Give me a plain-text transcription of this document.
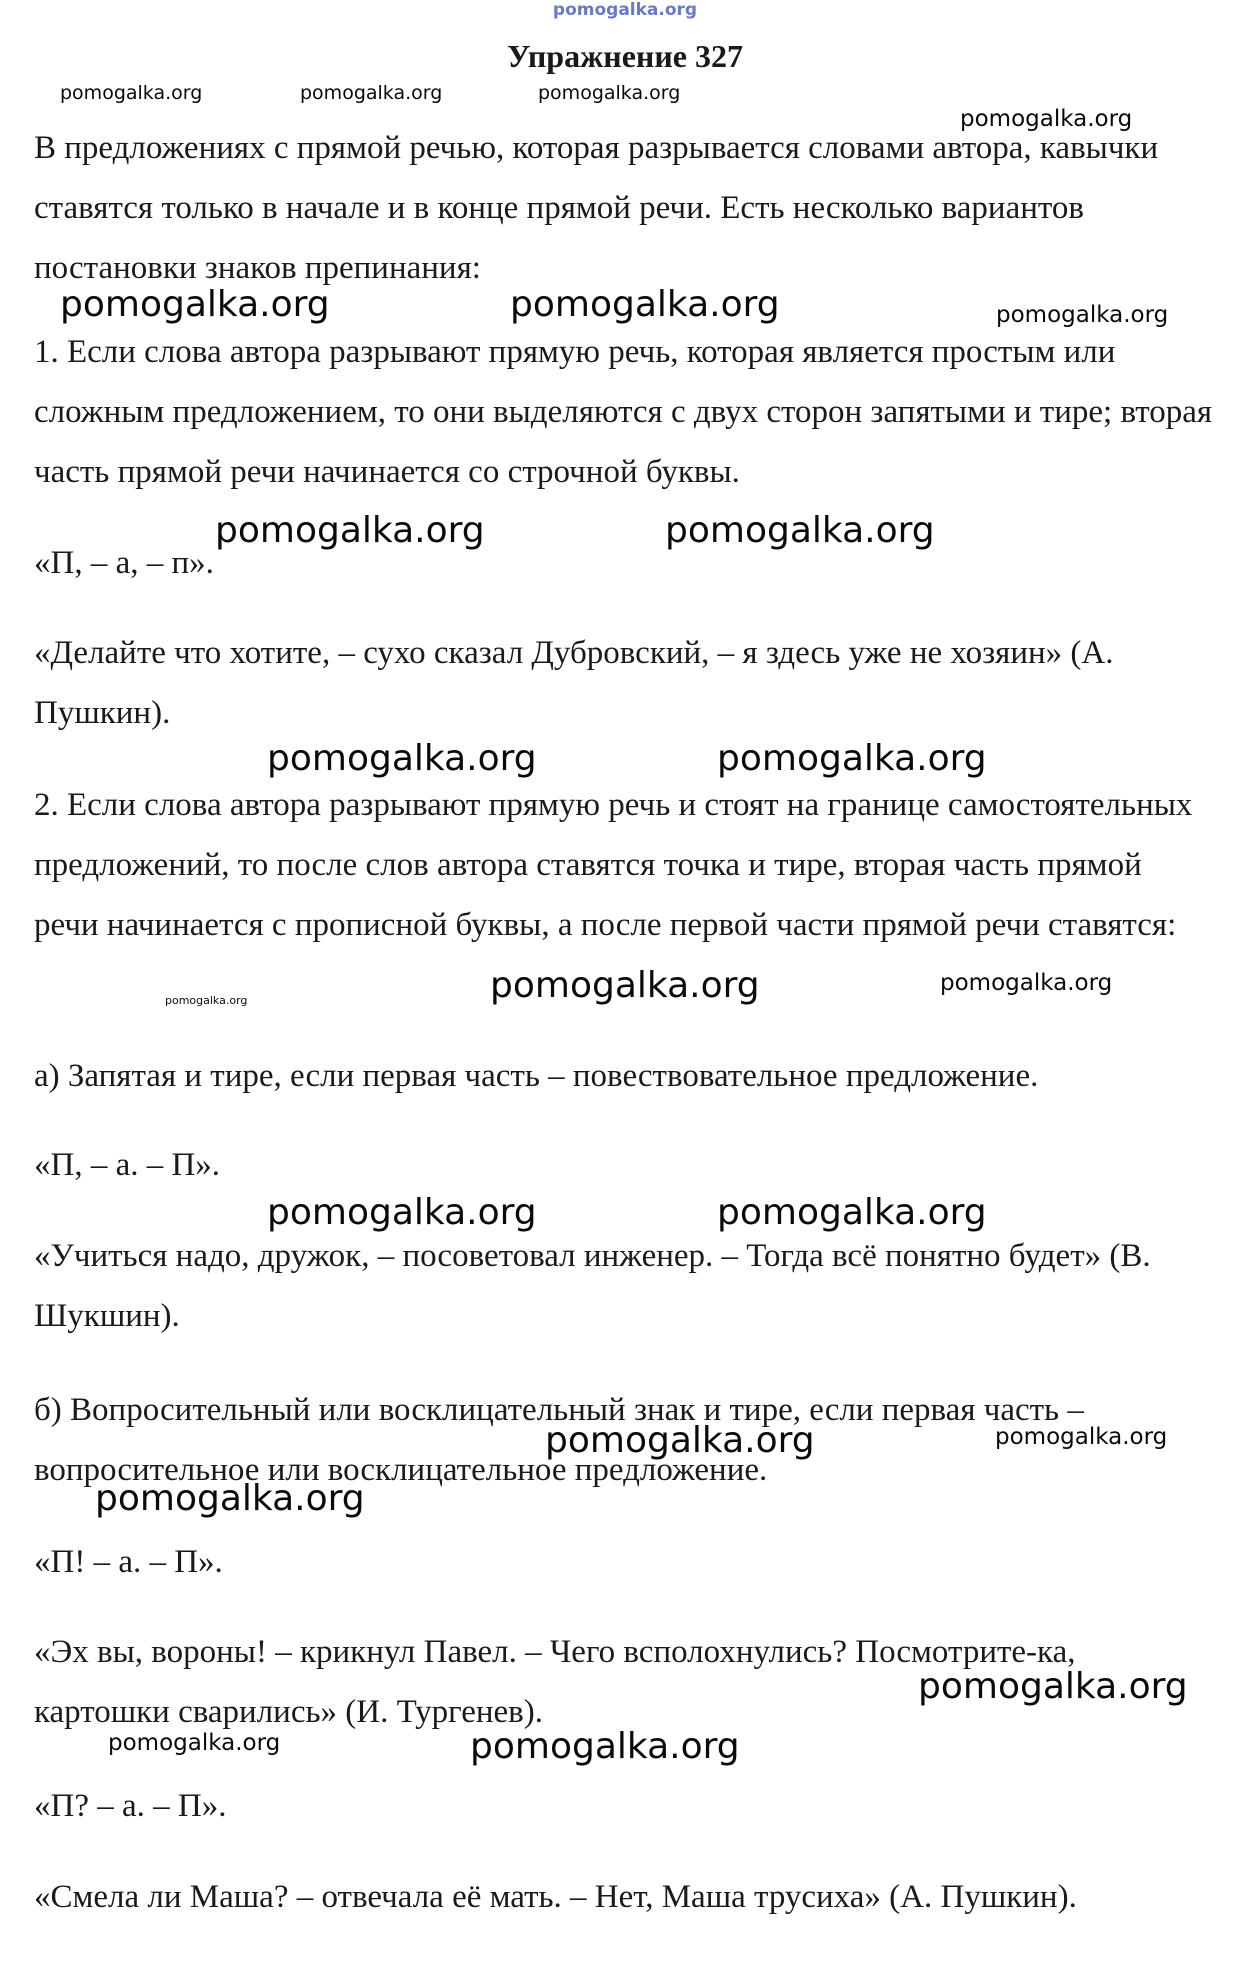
pomogalka.org
Упражнение 327

В предложениях с прямой речью, которая разрывается словами автора, кавычки ставятся только в начале и в конце прямой речи. Есть несколько вариантов постановки знаков препинания:

1. Если слова автора разрывают прямую речь, которая является простым или сложным предложением, то они выделяются с двух сторон запятыми и тире; вторая часть прямой речи начинается со строчной буквы.

«П, – а, – п».

«Делайте что хотите, – сухо сказал Дубровский, – я здесь уже не хозяин» (А. Пушкин).

2. Если слова автора разрывают прямую речь и стоят на границе самостоятельных предложений, то после слов автора ставятся точка и тире, вторая часть прямой речи начинается с прописной буквы, а после первой части прямой речи ставятся:

а) Запятая и тире, если первая часть – повествовательное предложение.

«П, – а. – П».

«Учиться надо, дружок, – посоветовал инженер. – Тогда всё понятно будет» (В. Шукшин).

б) Вопросительный или восклицательный знак и тире, если первая часть – вопросительное или восклицательное предложение.

«П! – а. – П».

«Эх вы, вороны! – крикнул Павел. – Чего всполохнулись? Посмотрите-ка, картошки сварились» (И. Тургенев).

«П? – а. – П».

«Смела ли Маша? – отвечала её мать. – Нет, Маша трусиха» (А. Пушкин).

pomogalka.org	pomogalka.org	pomogalka.org
pomogalka.org
pomogalka.org	pomogalka.org	pomogalka.org
pomogalka.org	pomogalka.org
pomogalka.org	pomogalka.org
pomogalka.org	pomogalka.org	pomogalka.org
pomogalka.org	pomogalka.org
pomogalka.org	pomogalka.org
pomogalka.org
pomogalka.org
pomogalka.org	pomogalka.org
